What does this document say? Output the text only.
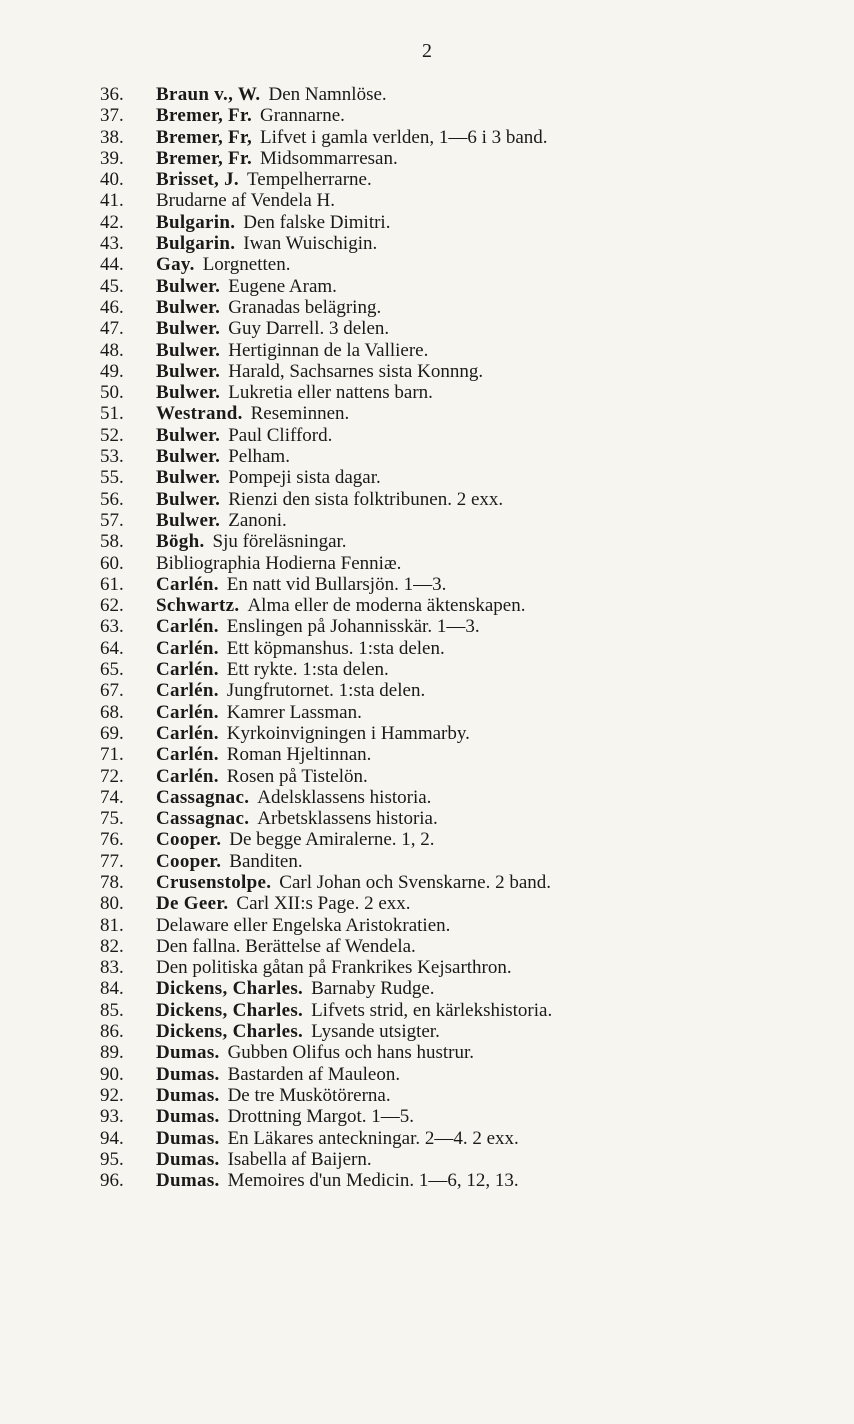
2
36. Braun v., W. Den Namnlöse.
37. Bremer, Fr. Grannarne.
38. Bremer, Fr, Lifvet i gamla verlden, 1—6 i 3 band.
39. Bremer, Fr. Midsommarresan.
40. Brisset, J. Tempelherrarne.
41. Brudarne af Vendela H.
42. Bulgarin. Den falske Dimitri.
43. Bulgarin. Iwan Wuischigin.
44. Gay. Lorgnetten.
45. Bulwer. Eugene Aram.
46. Bulwer. Granadas belägring.
47. Bulwer. Guy Darrell. 3 delen.
48. Bulwer. Hertiginnan de la Valliere.
49. Bulwer. Harald, Sachsarnes sista Konnng.
50. Bulwer. Lukretia eller nattens barn.
51. Westrand. Reseminnen.
52. Bulwer. Paul Clifford.
53. Bulwer. Pelham.
55. Bulwer. Pompeji sista dagar.
56. Bulwer. Rienzi den sista folktribunen. 2 exx.
57. Bulwer. Zanoni.
58. Bögh. Sju föreläsningar.
60. Bibliographia Hodierna Fenniæ.
61. Carlén. En natt vid Bullarsjön. 1—3.
62. Schwartz. Alma eller de moderna äktenskapen.
63. Carlén. Enslingen på Johannisskär. 1—3.
64. Carlén. Ett köpmanshus. 1:sta delen.
65. Carlén. Ett rykte. 1:sta delen.
67. Carlén. Jungfrutornet. 1:sta delen.
68. Carlén. Kamrer Lassman.
69. Carlén. Kyrkoinvigningen i Hammarby.
71. Carlén. Roman Hjeltinnan.
72. Carlén. Rosen på Tistelön.
74. Cassagnac. Adelsklassens historia.
75. Cassagnac. Arbetsklassens historia.
76. Cooper. De begge Amiralerne. 1, 2.
77. Cooper. Banditen.
78. Crusenstolpe. Carl Johan och Svenskarne. 2 band.
80. De Geer. Carl XII:s Page. 2 exx.
81. Delaware eller Engelska Aristokratien.
82. Den fallna. Berättelse af Wendela.
83. Den politiska gåtan på Frankrikes Kejsarthron.
84. Dickens, Charles. Barnaby Rudge.
85. Dickens, Charles. Lifvets strid, en kärlekshistoria.
86. Dickens, Charles. Lysande utsigter.
89. Dumas. Gubben Olifus och hans hustrur.
90. Dumas. Bastarden af Mauleon.
92. Dumas. De tre Muskötörerna.
93. Dumas. Drottning Margot. 1—5.
94. Dumas. En Läkares anteckningar. 2—4. 2 exx.
95. Dumas. Isabella af Baijern.
96. Dumas. Memoires d'un Medicin. 1—6, 12, 13.
